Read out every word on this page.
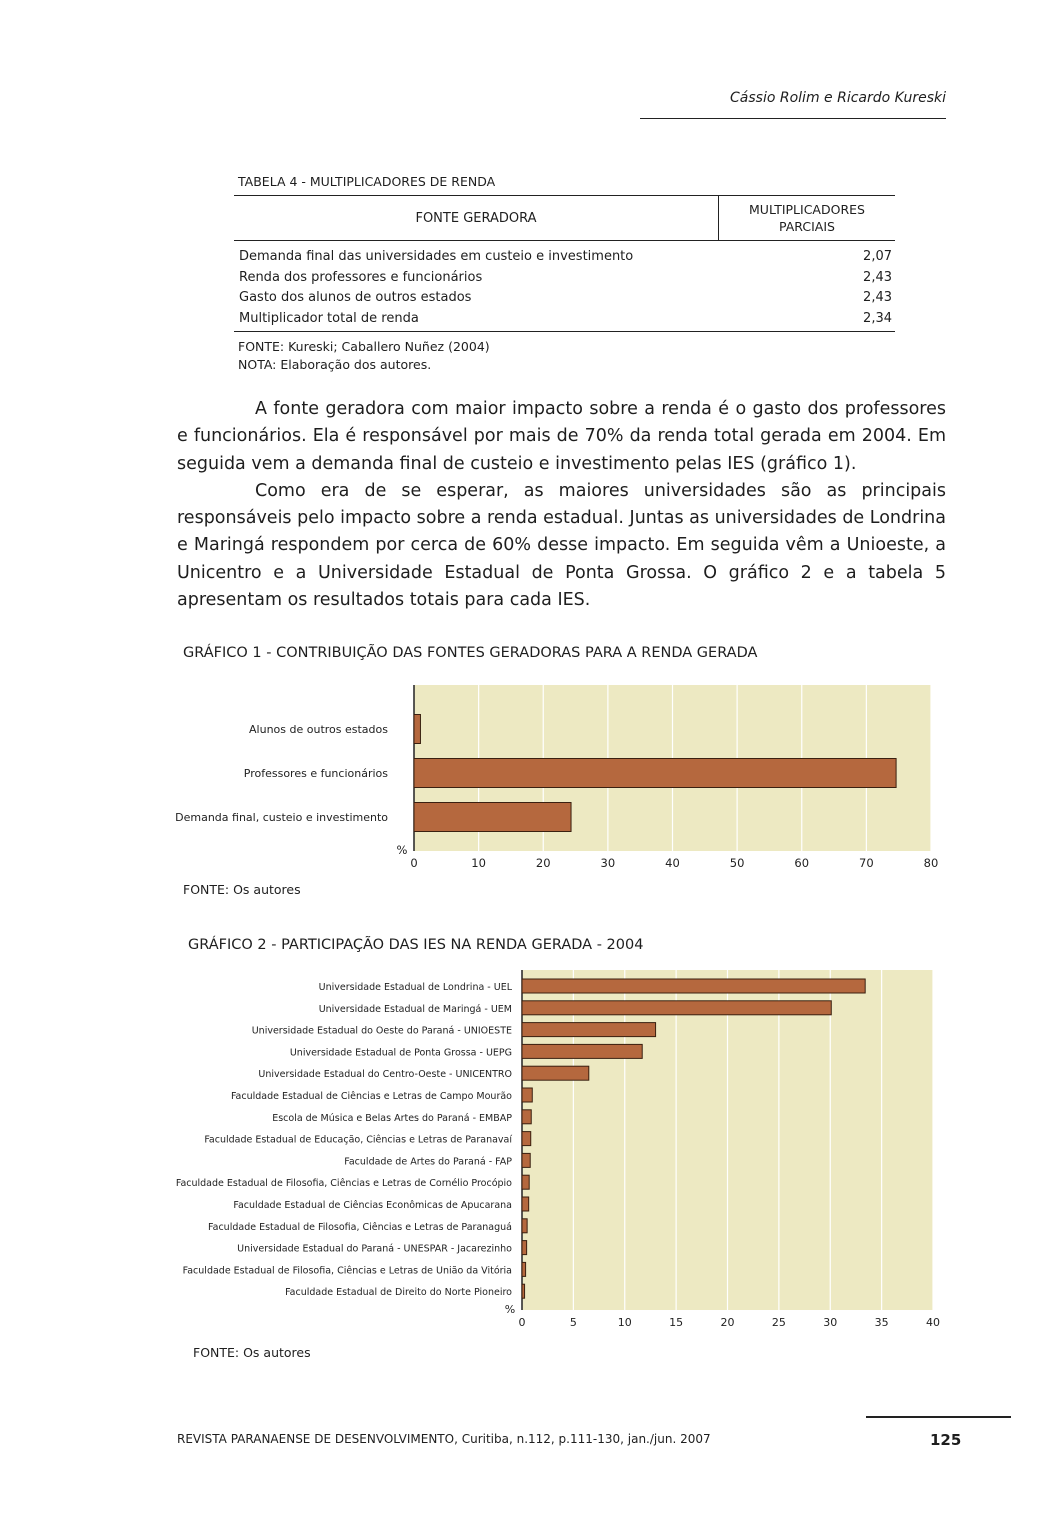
Cássio Rolim e Ricardo Kureski
TABELA 4 - MULTIPLICADORES DE RENDA
FONTE GERADORA
MULTIPLICADORES
PARCIAIS
Demanda final das universidades em custeio e investimento	2,07
Renda dos professores e funcionários	2,43
Gasto dos alunos de outros estados	2,43
Multiplicador total de renda	2,34
FONTE: Kureski; Caballero Nuñez (2004)
NOTA: Elaboração dos autores.

A fonte geradora com maior impacto sobre a renda é o gasto dos professores e funcionários. Ela é responsável por mais de 70% da renda total gerada em 2004. Em seguida vem a demanda final de custeio e investimento pelas IES (gráfico 1).

Como era de se esperar, as maiores universidades são as principais responsáveis pelo impacto sobre a renda estadual. Juntas as universidades de Londrina e Maringá respondem por cerca de 60% desse impacto. Em seguida vêm a Unioeste, a Unicentro e a Universidade Estadual de Ponta Grossa. O gráfico 2 e a tabela 5 apresentam os resultados totais para cada IES.

GRÁFICO 1 - CONTRIBUIÇÃO DAS FONTES GERADORAS PARA A RENDA GERADA
0	10	20	30	40	50	60	70	80
%
Alunos de outros estados
Professores e funcionários
Demanda final, custeio e investimento
FONTE: Os autores
GRÁFICO 2 - PARTICIPAÇÃO DAS IES NA RENDA GERADA - 2004
0	5	10	15	20	25	30	35	40
%
Universidade Estadual de Londrina - UEL
Universidade Estadual de Maringá - UEM
Universidade Estadual do Oeste do Paraná - UNIOESTE
Universidade Estadual de Ponta Grossa - UEPG
Universidade Estadual do Centro-Oeste - UNICENTRO
Faculdade Estadual de Ciências e Letras de Campo Mourão
Escola de Música e Belas Artes do Paraná - EMBAP
Faculdade Estadual de Educação, Ciências e Letras de Paranavaí
Faculdade de Artes do Paraná - FAP
Faculdade Estadual de Filosofia, Ciências e Letras de Cornélio Procópio
Faculdade Estadual de Ciências Econômicas de Apucarana
Faculdade Estadual de Filosofia, Ciências e Letras de Paranaguá
Universidade Estadual do Paraná - UNESPAR - Jacarezinho
Faculdade Estadual de Filosofia, Ciências e Letras de União da Vitória
Faculdade Estadual de Direito do Norte Pioneiro
FONTE: Os autores
REVISTA PARANAENSE DE DESENVOLVIMENTO, Curitiba, n.112, p.111-130, jan./jun. 2007	125
